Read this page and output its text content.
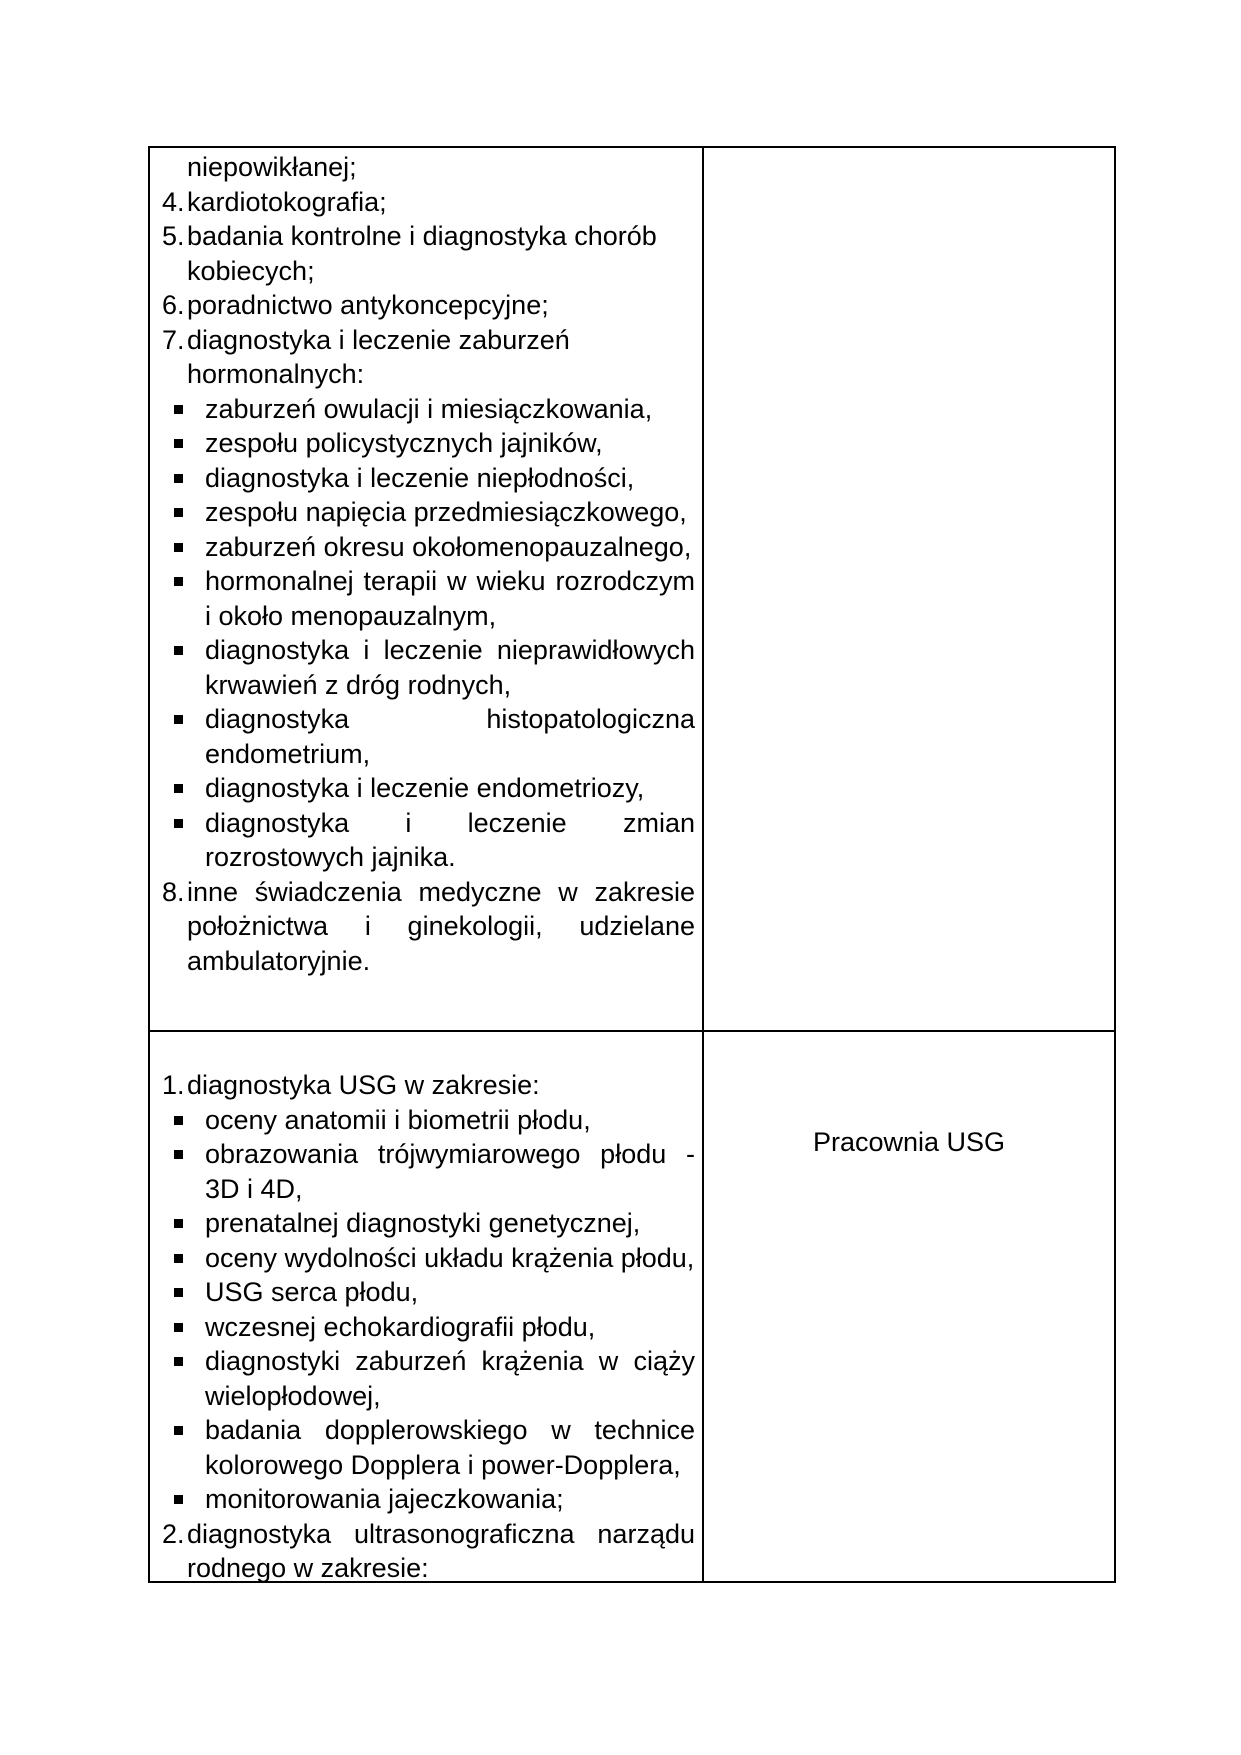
niepowikłanej;
4. kardiotokografia;
5. badania kontrolne i diagnostyka chorób kobiecych;
6. poradnictwo antykoncepcyjne;
7. diagnostyka i leczenie zaburzeń hormonalnych:
zaburzeń owulacji i miesiączkowania,
zespołu policystycznych jajników,
diagnostyka i leczenie niepłodności,
zespołu napięcia przedmiesiączkowego,
zaburzeń okresu okołomenopauzalnego,
hormonalnej terapii w wieku rozrodczym i około menopauzalnym,
diagnostyka i leczenie nieprawidłowych krwawień z dróg rodnych,
diagnostyka histopatologiczna endometrium,
diagnostyka i leczenie endometriozy,
diagnostyka i leczenie zmian rozrostowych jajnika.
8. inne świadczenia medyczne w zakresie położnictwa i ginekologii, udzielane ambulatoryjnie.
1. diagnostyka USG w zakresie:
oceny anatomii i biometrii płodu,
obrazowania trójwymiarowego płodu - 3D i 4D,
prenatalnej diagnostyki genetycznej,
oceny wydolności układu krążenia płodu,
USG serca płodu,
wczesnej echokardiografii płodu,
diagnostyki zaburzeń krążenia w ciąży wielopłodowej,
badania dopplerowskiego w technice kolorowego Dopplera i power-Dopplera,
monitorowania jajeczkowania;
2. diagnostyka ultrasonograficzna narządu rodnego w zakresie:
Pracownia USG
